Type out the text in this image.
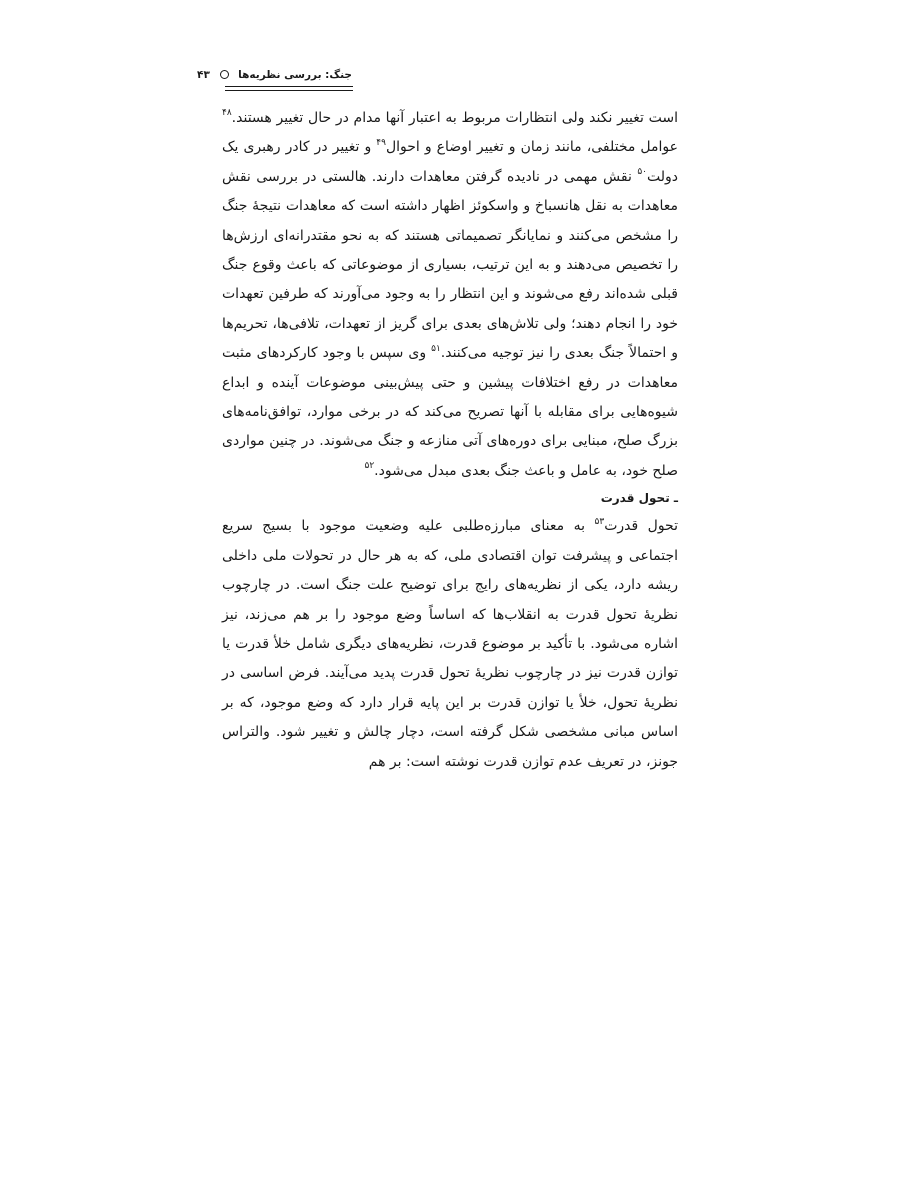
جنگ: بررسی نظریه‌ها  ۴۳

است تغییر نکند ولی انتظارات مربوط به اعتبار آنها مدام در حال تغییر هستند.$^{۴۸}$ عوامل مختلفی، مانند زمان و تغییر اوضاع و احوال$^{۴۹}$ و تغییر در کادر رهبری یک دولت$^{۵۰}$ نقش مهمی در نادیده گرفتن معاهدات دارند. هالستی در بررسی نقش معاهدات به نقل هانسباخ و واسکوئز اظهار داشته است که معاهدات نتیجهٔ جنگ را مشخص می‌کنند و نمایانگر تصمیماتی هستند که به نحو مقتدرانه‌ای ارزش‌ها را تخصیص می‌دهند و به این ترتیب، بسیاری از موضوعاتی که باعث وقوع جنگ قبلی شده‌اند رفع می‌شوند و این انتظار را به وجود می‌آورند که طرفین تعهدات خود را انجام دهند؛ ولی تلاش‌های بعدی برای گریز از تعهدات، تلافی‌ها، تحریم‌ها و احتمالاً جنگ بعدی را نیز توجیه می‌کنند.$^{۵۱}$ وی سپس با وجود کارکردهای مثبت معاهدات در رفع اختلافات پیشین و حتی پیش‌بینی موضوعات آینده و ابداع شیوه‌هایی برای مقابله با آنها تصریح می‌کند که در برخی موارد، توافق‌نامه‌های بزرگ صلح، مبنایی برای دوره‌های آتی منازعه و جنگ می‌شوند. در چنین مواردی صلح خود، به عامل و باعث جنگ بعدی مبدل می‌شود.$^{۵۲}$

ـ تحول قدرت

تحول قدرت$^{۵۳}$ به معنای مبارزه‌طلبی علیه وضعیت موجود با بسیج سریع اجتماعی و پیشرفت توان اقتصادی ملی، که به هر حال در تحولات ملی داخلی ریشه دارد، یکی از نظریه‌های رایج برای توضیح علت جنگ است. در چارچوب نظریهٔ تحول قدرت به انقلاب‌ها که اساساً وضع موجود را بر هم می‌زند، نیز اشاره می‌شود. با تأکید بر موضوع قدرت، نظریه‌های دیگری شامل خلأ قدرت یا توازن قدرت نیز در چارچوب نظریهٔ تحول قدرت پدید می‌آیند. فرض اساسی در نظریهٔ تحول، خلأ یا توازن قدرت بر این پایه قرار دارد که وضع موجود، که بر اساس مبانی مشخصی شکل گرفته است، دچار چالش و تغییر شود. والتراس جونز، در تعریف عدم توازن قدرت نوشته است: بر هم
